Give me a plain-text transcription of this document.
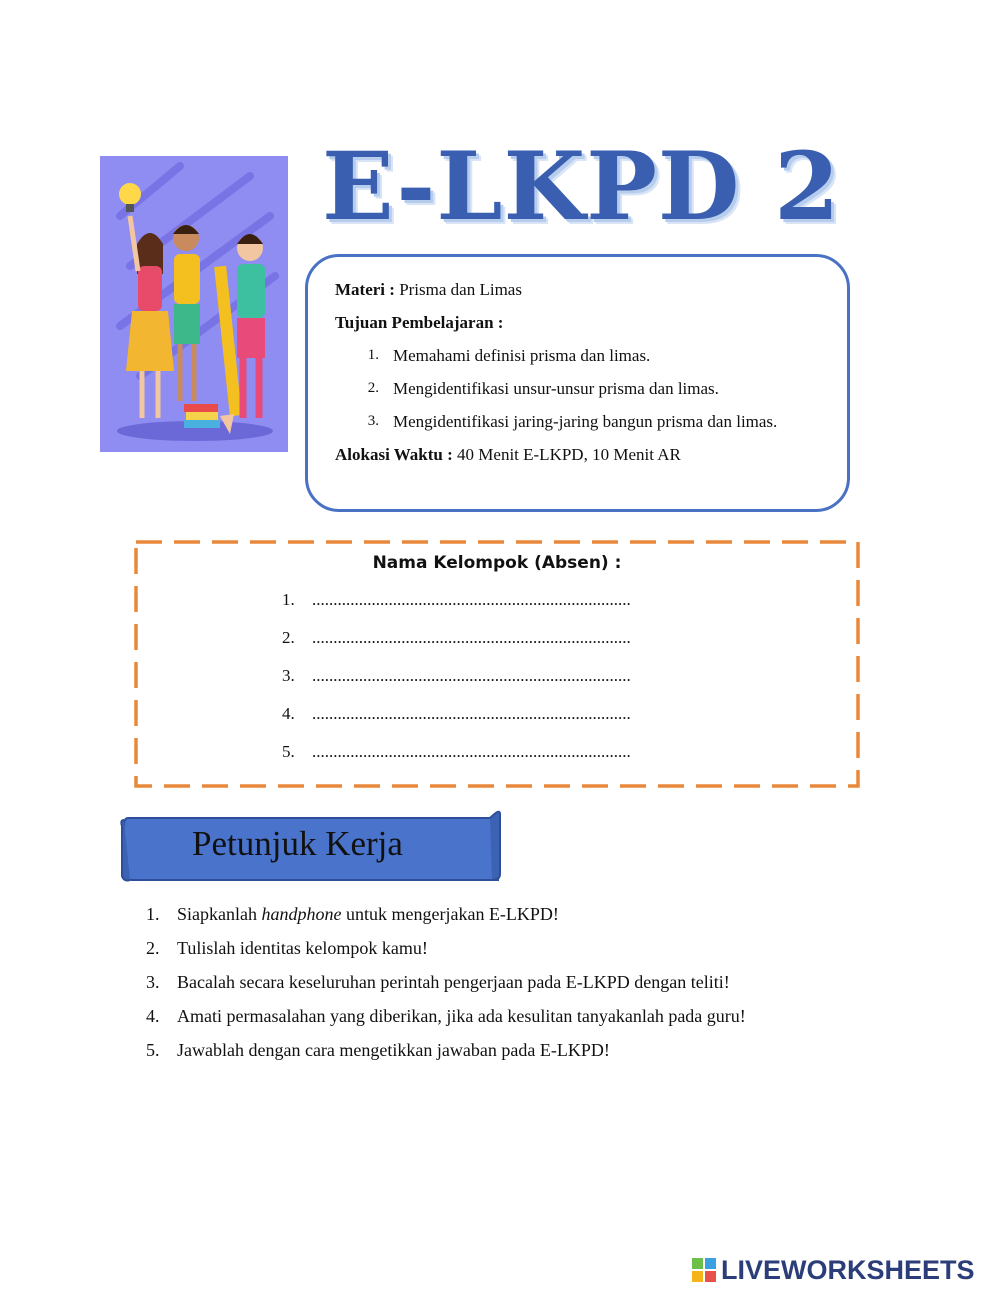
E-LKPD 2
Materi : Prisma dan Limas
Tujuan Pembelajaran :
1. Memahami definisi prisma dan limas.
2. Mengidentifikasi unsur-unsur prisma dan limas.
3. Mengidentifikasi jaring-jaring bangun prisma dan limas.
Alokasi Waktu : 40 Menit E-LKPD, 10 Menit AR
Nama Kelompok (Absen) :
1.	...........................................................................
2.	...........................................................................
3.	...........................................................................
4.	...........................................................................
5.	...........................................................................
Petunjuk Kerja
1. Siapkanlah handphone untuk mengerjakan E-LKPD!
2. Tulislah identitas kelompok kamu!
3. Bacalah secara keseluruhan perintah pengerjaan pada E-LKPD dengan teliti!
4. Amati permasalahan yang diberikan, jika ada kesulitan tanyakanlah pada guru!
5. Jawablah dengan cara mengetikkan jawaban pada E-LKPD!
LIVEWORKSHEETS
